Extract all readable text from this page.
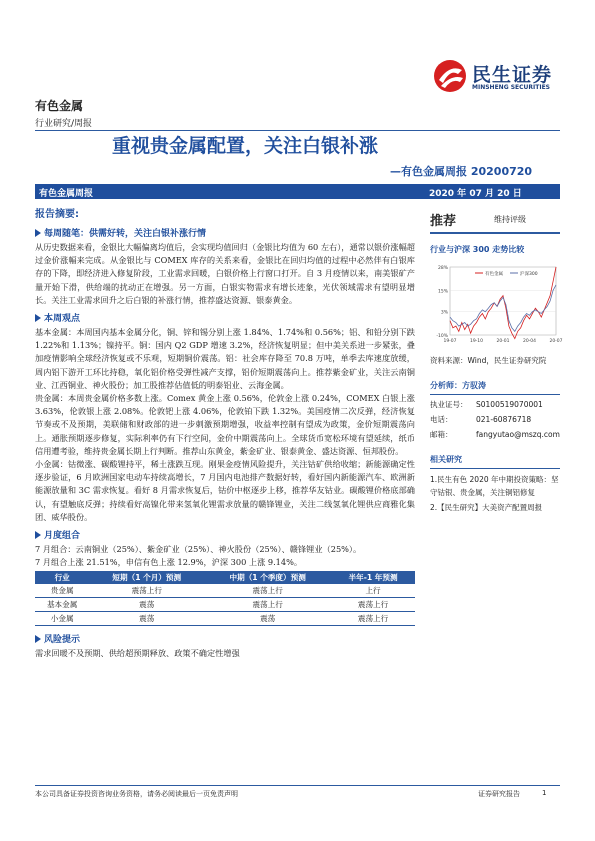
民生证券
MINSHENG SECURITIES
有色金属
行业研究/周报
重视贵金属配置，关注白银补涨
—有色金属周报 20200720
有色金属周报	2020 年 07 月 20 日
报告摘要:
每周随笔：供需好转，关注白银补涨行情
从历史数据来看，金银比大幅偏离均值后，会实现均值回归（金银比均值为 60 左右），通常以银价涨幅超过金价涨幅来完成。从金银比与 COMEX 库存的关系来看，金银比在回归均值的过程中必然伴有白银库存的下降，即经济进入修复阶段，工业需求回暖，白银价格上行窗口打开。自 3 月疫情以来，南美银矿产量开始下滑，供给端的扰动正在增强。另一方面，白银实物需求有增长迹象，光伏领域需求有望明显增长。关注工业需求回升之后白银的补涨行情，推荐盛达资源、银泰黄金。
本周观点
基本金属：本周国内基本金属分化，铜、锌和锡分别上涨 1.84%、1.74%和 0.56%；铝、和铅分别下跌 1.22%和 1.13%；镍持平。铜：国内 Q2 GDP 增速 3.2%，经济恢复明显；但中美关系进一步紧张，叠加疫情影响全球经济恢复或不乐观，短期铜价震荡。铝：社会库存降至 70.8 万吨，单季去库速度放缓，周内铝下游开工环比持稳，氧化铝价格受弹性减产支撑，铝价短期震荡向上。推荐紫金矿业，关注云南铜业、江西铜业、神火股份；加工股推荐估值低的明泰铝业、云海金属。
贵金属：本周贵金属价格多数上涨。Comex 黄金上涨 0.56%，伦敦金上涨 0.24%，COMEX 白银上涨 3.63%，伦敦银上涨 2.08%。伦敦钯上涨 4.06%，伦敦铂下跌 1.32%。美国疫情二次反弹，经济恢复节奏或不及预期，美联储和财政部的进一步刺激预期增强，收益率控制有望成为政策，金价短期震荡向上。通胀预期逐步修复，实际利率仍有下行空间，金价中期震荡向上。全球货币宽松环境有望延续，纸币信用遭考验，维持贵金属长期上行判断。推荐山东黄金，紫金矿业、银泰黄金、盛达资源、恒邦股份。
小金属：钴微涨、碳酸锂持平，稀土涨跌互现。刚果金疫情风险提升，关注钴矿供给收缩；新能源确定性逐步验证，6 月欧洲国家电动车持续高增长，7 月国内电池排产数据好转，看好国内新能源汽车、欧洲新能源放量和 3C 需求恢复。看好 8 月需求恢复后，钴价中枢逐步上移，推荐华友钴业。碳酸锂价格底部确认，有望触底反弹；持续看好高镍化带来氢氧化锂需求放量的赣锋锂业，关注二线氢氧化锂供应商雅化集团、威华股份。
月度组合
7 月组合：云南铜业（25%）、紫金矿业（25%）、神火股份（25%）、赣锋锂业（25%）。
7 月组合上涨 21.51%，申信有色上涨 12.9%，沪深 300 上涨 9.14%。
行业	短期（1 个月）预测	中期（1 个季度）预测	半年-1 年预测
贵金属	震荡上行	震荡上行	上行
基本金属	震荡	震荡上行	震荡上行
小金属	震荡	震荡	震荡上行
风险提示
需求回暖不及预期、供给超预期释放、政策不确定性增强
推荐	维持评级
行业与沪深 300 走势比较
28%
15%
3%
-10%
19-07	19-10	20-01	20-04	20-07
有色金属	沪深300
资料来源：Wind，民生证券研究院
分析师：方驭涛
执业证号： S0100519070001
电话：	021-60876718
邮箱：	fangyutao@mszq.com
相关研究
1.民生有色 2020 年中期投资策略：坚守钴银、贵金属，关注铜铝修复
2.【民生研究】大美资产配置周报
本公司具备证券投资咨询业务资格，请务必阅读最后一页免责声明	证券研究报告	1
